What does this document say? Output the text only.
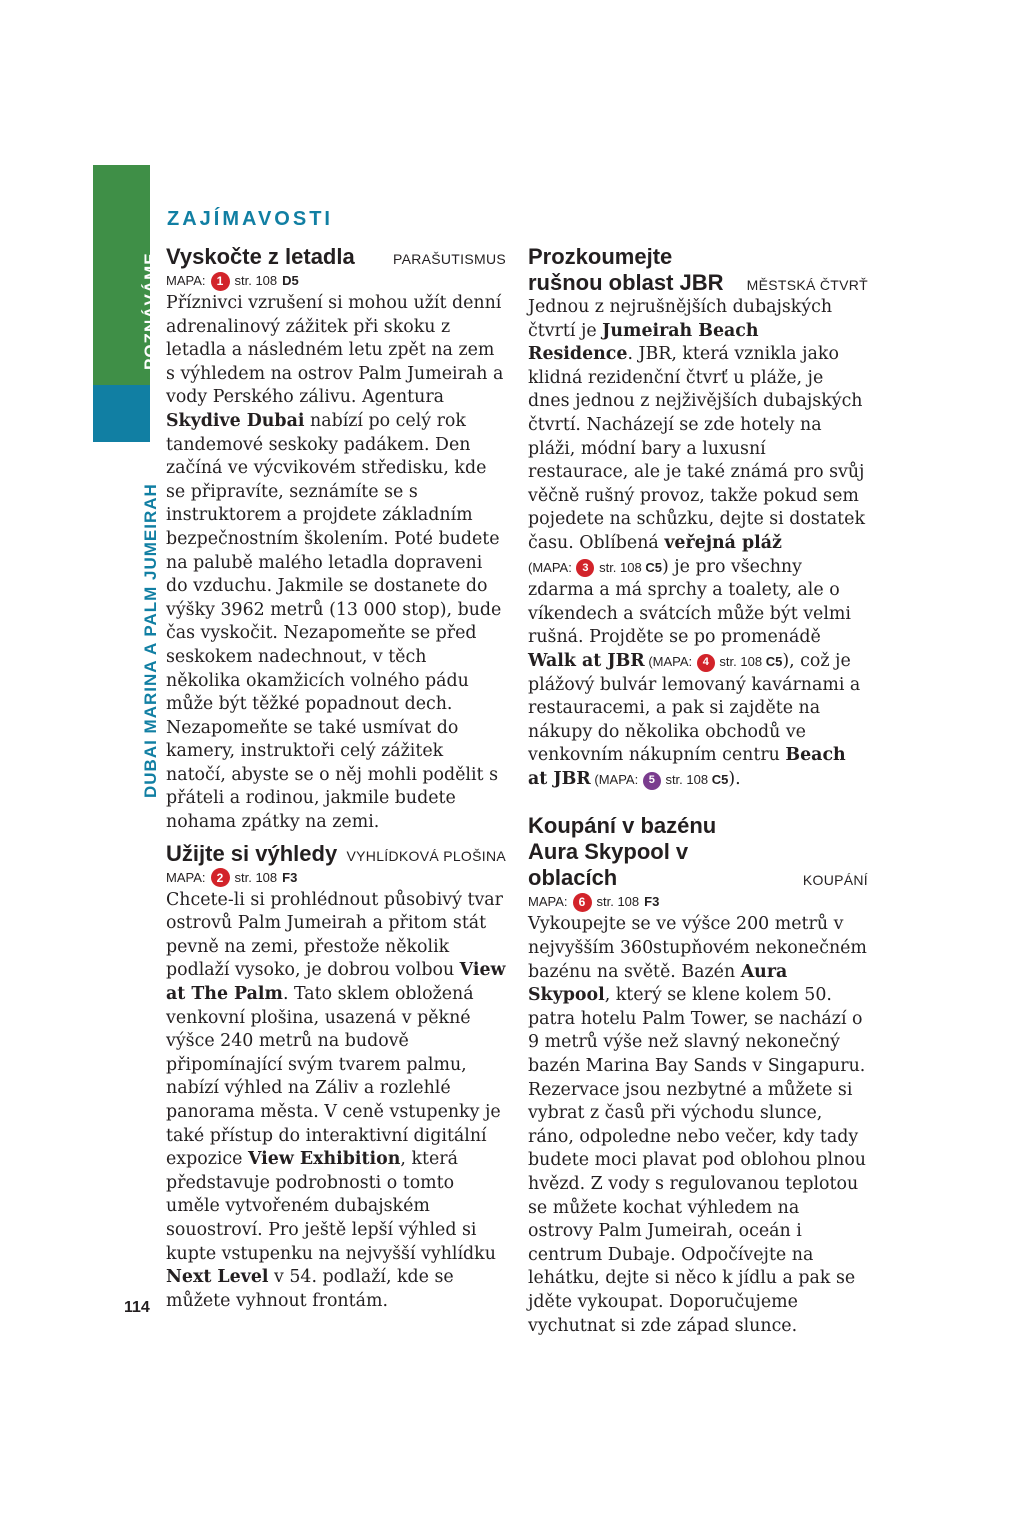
POZNÁVÁME
DUBAI MARINA A PALM JUMEIRAH
ZAJÍMAVOSTI
Vyskočte z letadla	PARAŠUTISMUS
MAPA: 1 str. 108 D5

Příznivci vzrušení si mohou užít denní adrenalinový zážitek při skoku z letadla a následném letu zpět na zem s výhledem na ostrov Palm Jumeirah a vody Perského zálivu. Agentura Skydive Dubai nabízí po celý rok tandemové seskoky padákem. Den začíná ve výcvikovém středisku, kde se připravíte, seznámíte se s instruktorem a projdete základním bezpečnostním školením. Poté budete na palubě malého letadla dopraveni do vzduchu. Jakmile se dostanete do výšky 3962 metrů (13 000 stop), bude čas vyskočit. Nezapomeňte se před seskokem nadechnout, v těch několika okamžicích volného pádu může být těžké popadnout dech. Nezapomeňte se také usmívat do kamery, instruktoři celý zážitek natočí, abyste se o něj mohli podělit s přáteli a rodinou, jakmile budete nohama zpátky na zemi.

Užijte si výhledy VYHLÍDKOVÁ PLOŠINA
MAPA: 2 str. 108 F3

Chcete-li si prohlédnout působivý tvar ostrovů Palm Jumeirah a přitom stát pevně na zemi, přestože několik podlaží vysoko, je dobrou volbou View at The Palm. Tato sklem obložená venkovní plošina, usazená v pěkné výšce 240 metrů na budově připomínající svým tvarem palmu, nabízí výhled na Záliv a rozlehlé panorama města. V ceně vstupenky je také přístup do interaktivní digitální expozice View Exhibition, která představuje podrobnosti o tomto uměle vytvořeném dubajském souostroví. Pro ještě lepší výhled si kupte vstupenku na nejvyšší vyhlídku Next Level v 54. podlaží, kde se můžete vyhnout frontám.

Prozkoumejte rušnou oblast JBR	MĚSTSKÁ ČTVRŤ

Jednou z nejrušnějších dubajských čtvrtí je Jumeirah Beach Residence. JBR, která vznikla jako klidná rezidenční čtvrť u pláže, je dnes jednou z nejživějších dubajských čtvrtí. Nacházejí se zde hotely na pláži, módní bary a luxusní restaurace, ale je také známá pro svůj věčně rušný provoz, takže pokud sem pojedete na schůzku, dejte si dostatek času. Oblíbená veřejná pláž (MAPA: 3 str. 108 C5) je pro všechny zdarma a má sprchy a toalety, ale o víkendech a svátcích může být velmi rušná. Projděte se po promenádě Walk at JBR (MAPA: 4 str. 108 C5), což je plážový bulvár lemovaný kavárnami a restauracemi, a pak si zajděte na nákupy do několika obchodů ve venkovním nákupním centru Beach at JBR (MAPA: 5 str. 108 C5).

Koupání v bazénu Aura Skypool v oblacích	KOUPÁNÍ
MAPA: 6 str. 108 F3

Vykoupejte se ve výšce 200 metrů v nejvyšším 360stupňovém nekonečném bazénu na světě. Bazén Aura Skypool, který se klene kolem 50. patra hotelu Palm Tower, se nachází o 9 metrů výše než slavný nekonečný bazén Marina Bay Sands v Singapuru. Rezervace jsou nezbytné a můžete si vybrat z časů při východu slunce, ráno, odpoledne nebo večer, kdy tady budete moci plavat pod oblohou plnou hvězd. Z vody s regulovanou teplotou se můžete kochat výhledem na ostrovy Palm Jumeirah, oceán i centrum Dubaje. Odpočívejte na lehátku, dejte si něco k jídlu a pak se jděte vykoupat. Doporučujeme vychutnat si zde západ slunce.

114
